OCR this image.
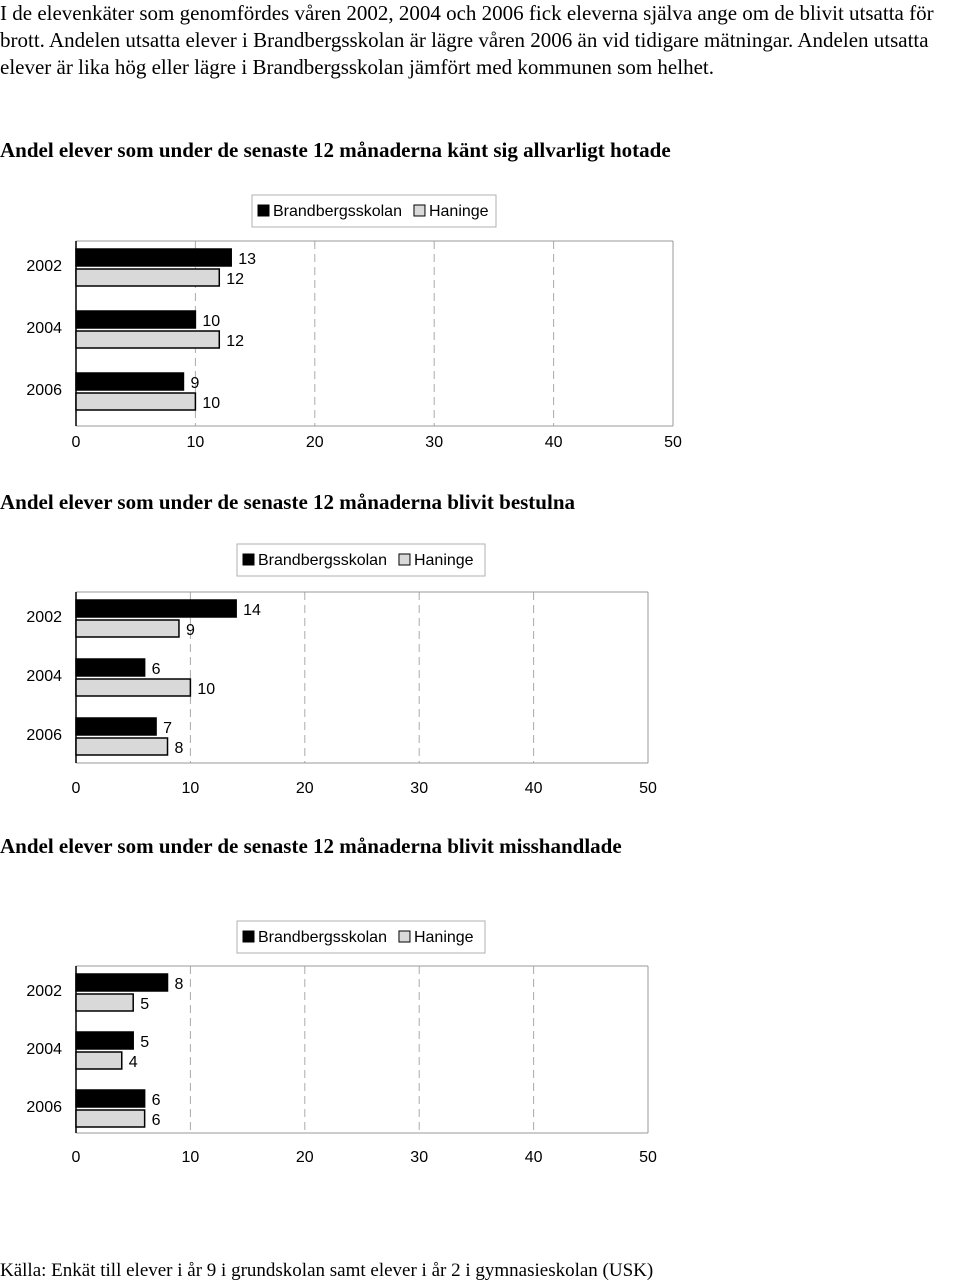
I de elevenkäter som genomfördes våren 2002, 2004 och 2006 fick eleverna själva ange om de blivit utsatta för brott. Andelen utsatta elever i Brandbergsskolan är lägre våren 2006 än vid tidigare mätningar. Andelen utsatta elever är lika hög eller lägre i Brandbergsskolan jämfört med kommunen som helhet.

Andel elever som under de senaste 12 månaderna känt sig allvarligt hotade
Brandbergsskolan Haninge
0	10	20	30	40	50
2002	13
12
2004	10
12
2006	9
10
Andel elever som under de senaste 12 månaderna blivit bestulna
Brandbergsskolan Haninge
0	10	20	30	40	50
2002	14
9
2004	6
10
2006	7
8
Andel elever som under de senaste 12 månaderna blivit misshandlade
Brandbergsskolan Haninge
0	10	20	30	40	50
2002	8
5
2004	5
4
2006	6
6

Källa: Enkät till elever i år 9 i grundskolan samt elever i år 2 i gymnasieskolan (USK)
